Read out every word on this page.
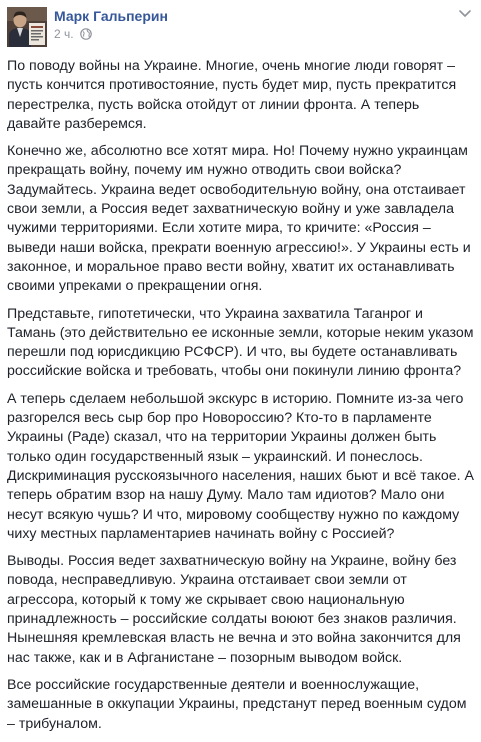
Марк Гальперин
2 ч.

По поводу войны на Украине. Многие, очень многие люди говорят – пусть кончится противостояние, пусть будет мир, пусть прекратится перестрелка, пусть войска отойдут от линии фронта. А теперь давайте разберемся.

Конечно же, абсолютно все хотят мира. Но! Почему нужно украинцам прекращать войну, почему им нужно отводить свои войска? Задумайтесь. Украина ведет освободительную войну, она отстаивает свои земли, а Россия ведет захватническую войну и уже завладела чужими территориями. Если хотите мира, то кричите: «Россия – выведи наши войска, прекрати военную агрессию!». У Украины есть и законное, и моральное право вести войну, хватит их останавливать своими упреками о прекращении огня.

Представьте, гипотетически, что Украина захватила Таганрог и Тамань (это действительно ее исконные земли, которые неким указом перешли под юрисдикцию РСФСР). И что, вы будете останавливать российские войска и требовать, чтобы они покинули линию фронта?

А теперь сделаем небольшой экскурс в историю. Помните из-за чего разгорелся весь сыр бор про Новороссию? Кто-то в парламенте Украины (Раде) сказал, что на территории Украины должен быть только один государственный язык – украинский. И понеслось. Дискриминация русскоязычного населения, наших бьют и всё такое. А теперь обратим взор на нашу Думу. Мало там идиотов? Мало они несут всякую чушь? И что, мировому сообществу нужно по каждому чиху местных парламентариев начинать войну с Россией?

Выводы. Россия ведет захватническую войну на Украине, войну без повода, несправедливую. Украина отстаивает свои земли от агрессора, который к тому же скрывает свою национальную принадлежность – российские солдаты воюют без знаков различия. Нынешняя кремлевская власть не вечна и это война закончится для нас также, как и в Афганистане – позорным выводом войск.

Все российские государственные деятели и военнослужащие, замешанные в оккупации Украины, предстанут перед военным судом – трибуналом.
